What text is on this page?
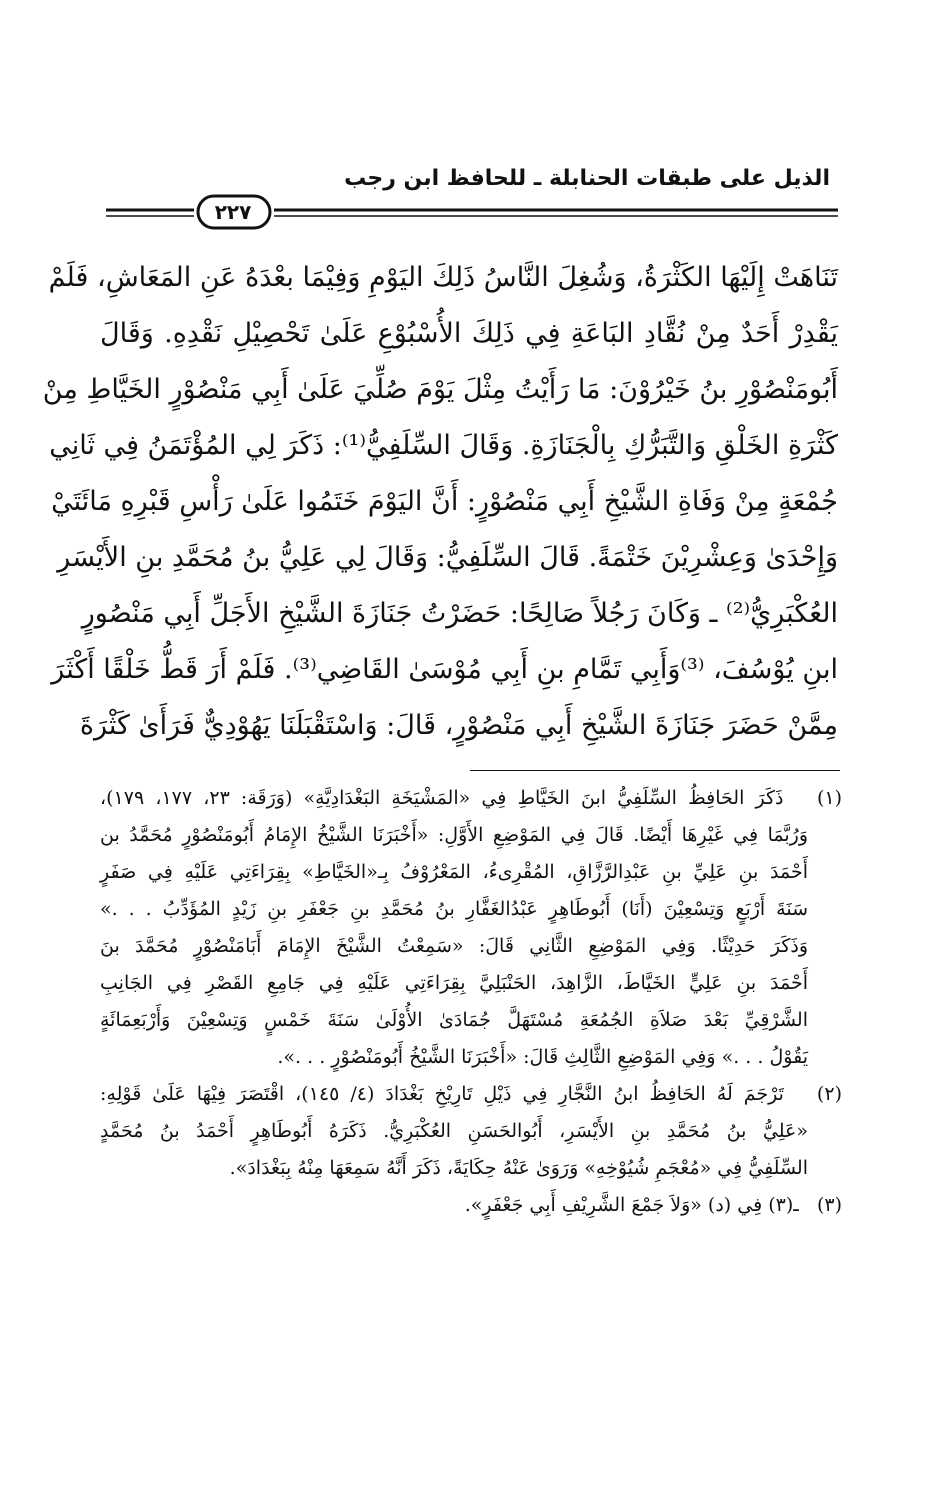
الذيل على طبقات الحنابلة ـ للحافظ ابن رجب
٢٢٧
تَنَاهَتْ إِلَيْهَا الكَثْرَةُ، وَشُغِلَ النَّاسُ ذَلِكَ اليَوْمِ وَفِيْمَا بعْدَهُ عَنِ المَعَاشِ، فَلَمْ
يَقْدِرْ أَحَدٌ مِنْ نُقَّادِ البَاعَةِ فِي ذَلِكَ الأُسْبُوْعِ عَلَىٰ تَحْصِيْلِ نَقْدِهِ. وَقَالَ
أَبُومَنْصُوْرِ بنُ خَيْرُوْنَ: مَا رَأَيْتُ مِثْلَ يَوْمَ صُلِّيَ عَلَىٰ أَبِي مَنْصُوْرٍ الخَيَّاطِ مِنْ
كَثْرَةِ الخَلْقِ وَالتَّبَرُّكِ بِالْجَنَازَةِ. وَقَالَ السِّلَفِيُّ⁽¹⁾: ذَكَرَ لِي المُؤْتَمَنُ فِي ثَانِي
جُمْعَةٍ مِنْ وَفَاةِ الشَّيْخِ أَبِي مَنْصُوْرٍ: أَنَّ اليَوْمَ خَتَمُوا عَلَىٰ رَأْسِ قَبْرِهِ مَائَتَيْ
وَإِحْدَىٰ وَعِشْرِيْنَ خَتْمَةً. قَالَ السِّلَفِيُّ: وَقَالَ لِي عَلِيُّ بنُ مُحَمَّدِ بنِ الأَيْسَرِ
العُكْبَرِيُّ⁽²⁾ ـ وَكَانَ رَجُلاً صَالِحًا: حَضَرْتُ جَنَازَةَ الشَّيْخِ الأَجَلِّ أَبِي مَنْصُورٍ
ابنِ يُوْسُفَ، ⁽³⁾وَأَبِي تَمَّامِ بنِ أَبِي مُوْسَىٰ القَاضِي⁽³⁾. فَلَمْ أَرَ قَطُّ خَلْقًا أَكْثَرَ
مِمَّنْ حَضَرَ جَنَازَةَ الشَّيْخِ أَبِي مَنْصُوْرٍ، قَالَ: وَاسْتَقْبَلَنَا يَهُوْدِيٌّ فَرَأَىٰ كَثْرَةَ
(١)   ذَكَرَ الحَافِظُ السِّلَفِيُّ ابنَ الخَيَّاطِ فِي «المَشْيَخَةِ البَغْدَادِيَّةِ» (وَرَقَة: ٢٣، ١٧٧، ١٧٩)،
وَرُبَّمَا فِي غَيْرِهَا أَيْضًا. قَالَ فِي المَوْضِعِ الأَوَّلِ: «أَخْبَرَنَا الشَّيْخُ الإِمَامُ أَبُومَنْصُوْرٍ مُحَمَّدُ بن
أَحْمَدَ بنِ عَلِيِّ بنِ عَبْدِالرَّزَّاقِ، المُقْرِىءُ، المَعْرُوْفُ بِـ«الخَيَّاطِ» بِقِرَاءَتِي عَلَيْهِ فِي صَفَرٍ
سَنَةَ أَرْبَعٍ وَتِسْعِيْنَ (أَنَا) أَبُوطَاهِرٍ عَبْدُالغَفَّارِ بنُ مُحَمَّدِ بنِ جَعْفَرِ بنِ زَيْدٍ المُؤَدِّبُ . . .»
وَذَكَرَ حَدِيْثًا. وَفِي المَوْضِعِ الثَّانِي قَالَ: «سَمِعْتُ الشَّيْخَ الإِمَامَ أَبَامَنْصُوْرٍ مُحَمَّدَ بنَ
أَحْمَدَ بنِ عَلِيٍّ الخَيَّاطَ، الزَّاهِدَ، الحَنْبَلِيَّ بِقِرَاءَتِي عَلَيْهِ فِي جَامِعِ القَصْرِ فِي الجَانِبِ
الشَّرْقِيِّ بَعْدَ صَلاَةِ الجُمُعَةِ مُسْتَهَلَّ جُمَادَىٰ الأُوْلَىٰ سَنَةَ خَمْسٍ وَتِسْعِيْنَ وَأَرْبَعِمَائَةٍ
يَقُوْلُ . . .» وَفِي المَوْضِعِ الثَّالِثِ قَالَ: «أَخْبَرَنَا الشَّيْخُ أَبُومَنْصُوْرٍ . . .».
(٢)   تَرْجَمَ لَهُ الحَافِظُ ابنُ النَّجَّارِ فِي ذَيْلِ تَارِيْخِ بَغْدَادَ (٤/ ١٤٥)، اقْتَصَرَ فِيْهَا عَلَىٰ قَوْلِهِ:
«عَلِيُّ بنُ مُحَمَّدِ بنِ الأَيْسَرِ، أَبُوالحَسَنِ العُكْبَرِيُّ. ذَكَرَهُ أَبُوطَاهِرٍ أَحْمَدُ بنُ مُحَمَّدٍ
السِّلَفِيُّ فِي «مُعْجَمِ شُيُوْخِهِ» وَرَوَىٰ عَنْهُ حِكَايَةً، ذَكَرَ أَنَّهُ سَمِعَهَا مِنْهُ بِبَغْدَادَ».
(٣)   ـ(٣) فِي (د) «وَلاَ جَمْعَ الشَّرِيْفِ أَبِي جَعْفَرٍ».
